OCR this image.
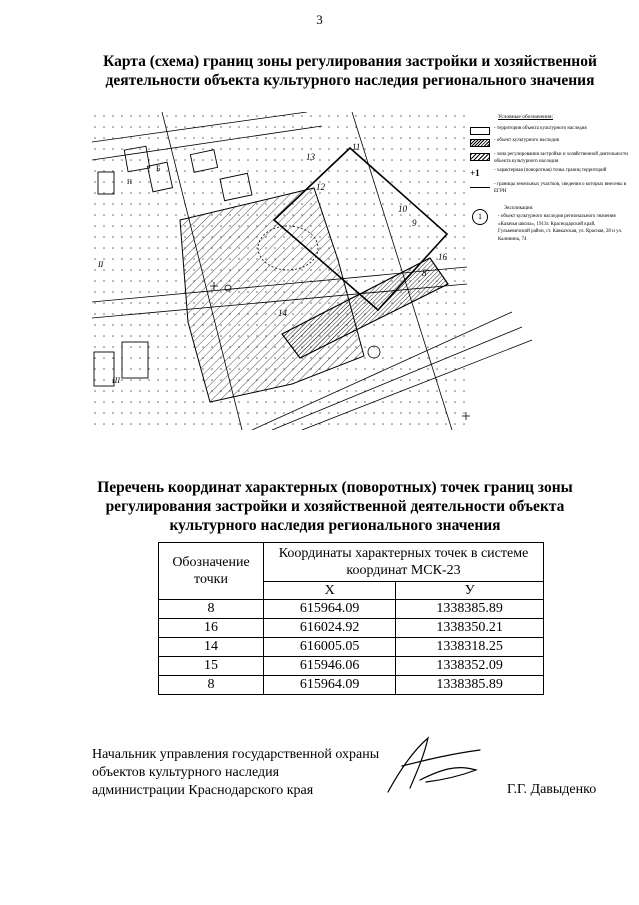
3
Карта (схема) границ зоны регулирования застройки и хозяйственной
деятельности объекта культурного наследия регионального значения
Б
Н
II
III
11
12
13
10
9
8
14
16
Условные обозначения:
- территория объекта культурного наследия
- объект культурного наследия
- зона регулирования застройки и хозяйственной деятельности объекта культурного наследия
+1	- характерная (поворотная) точка границ территорий
- границы земельных участков, сведения о которых внесены в ЕГРН
1
Экспликация:
- объект культурного наследия регионального значения «Казачья школа», 1913г. Краснодарский край, Гулькевичский район, ст. Кавказская, ул. Красная, 28 и ул. Калинина, 74
Перечень координат характерных (поворотных) точек границ зоны
регулирования застройки и хозяйственной деятельности объекта
культурного наследия регионального значения
Обозначение точки	Координаты характерных точек в системе координат МСК-23	
	X	У
8	615964.09	1338385.89
16	616024.92	1338350.21
14	616005.05	1338318.25
15	615946.06	1338352.09
8	615964.09	1338385.89
Начальник управления государственной охраны
объектов культурного наследия
администрации Краснодарского края	Г.Г. Давыденко
